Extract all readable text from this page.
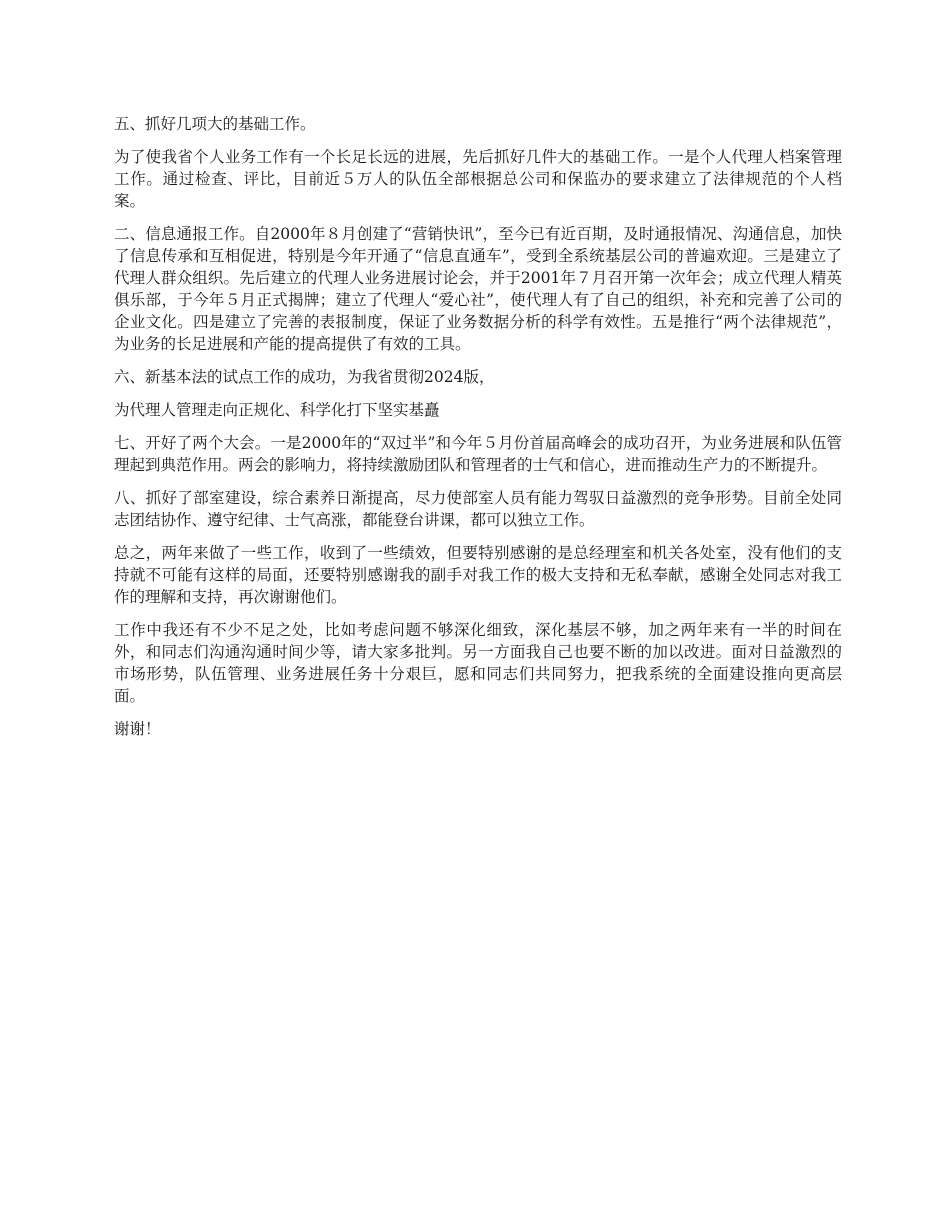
五、抓好几项大的基础工作。

为了使我省个人业务工作有一个长足长远的进展，先后抓好几件大的基础工作。一是个人代理人档案管理工作。通过检查、评比，目前近５万人的队伍全部根据总公司和保监办的要求建立了法律规范的个人档案。

二、信息通报工作。自2000年８月创建了“营销快讯”，至今已有近百期，及时通报情况、沟通信息，加快了信息传承和互相促进，特别是今年开通了“信息直通车”，受到全系统基层公司的普遍欢迎。三是建立了代理人群众组织。先后建立的代理人业务进展讨论会，并于2001年７月召开第一次年会；成立代理人精英俱乐部，于今年５月正式揭牌；建立了代理人“爱心社”，使代理人有了自己的组织，补充和完善了公司的企业文化。四是建立了完善的表报制度，保证了业务数据分析的科学有效性。五是推行“两个法律规范”，为业务的长足进展和产能的提高提供了有效的工具。

六、新基本法的试点工作的成功，为我省贯彻2024版，

为代理人管理走向正规化、科学化打下坚实基矗

七、开好了两个大会。一是2000年的“双过半”和今年５月份首届高峰会的成功召开，为业务进展和队伍管理起到典范作用。两会的影响力，将持续激励团队和管理者的士气和信心，进而推动生产力的不断提升。

八、抓好了部室建设，综合素养日渐提高，尽力使部室人员有能力驾驭日益激烈的竞争形势。目前全处同志团结协作、遵守纪律、士气高涨，都能登台讲课，都可以独立工作。

总之，两年来做了一些工作，收到了一些绩效，但要特别感谢的是总经理室和机关各处室，没有他们的支持就不可能有这样的局面，还要特别感谢我的副手对我工作的极大支持和无私奉献，感谢全处同志对我工作的理解和支持，再次谢谢他们。

工作中我还有不少不足之处，比如考虑问题不够深化细致，深化基层不够，加之两年来有一半的时间在外，和同志们沟通沟通时间少等，请大家多批判。另一方面我自己也要不断的加以改进。面对日益激烈的市场形势，队伍管理、业务进展任务十分艰巨，愿和同志们共同努力，把我系统的全面建设推向更高层面。

谢谢！
